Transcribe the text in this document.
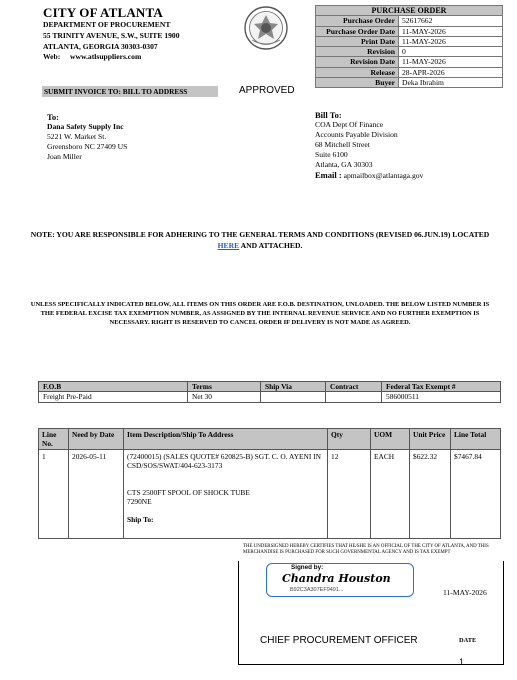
CITY OF ATLANTA
DEPARTMENT OF PROCUREMENT
55 TRINITY AVENUE, S.W., SUITE 1900
ATLANTA, GEORGIA 30303-0307
Web: www.atlsuppliers.com
PURCHASE ORDER	
Purchase Order	52617662
Purchase Order Date	11-MAY-2026
Print Date	11-MAY-2026
Revision	0
Revision Date	11-MAY-2026
Release	28-APR-2026
Buyer	Deka Ibrahim
SUBMIT INVOICE TO: BILL TO ADDRESS	APPROVED
To:
Dana Safety Supply Inc
5221 W. Market St.
Greensboro NC 27409 US
Joan Miller
Bill To:
COA Dept Of Finance
Accounts Payable Division
68 Mitchell Street
Suite 6100
Atlanta, GA 30303
Email : apmailbox@atlantaga.gov
NOTE: YOU ARE RESPONSIBLE FOR ADHERING TO THE GENERAL TERMS AND CONDITIONS (REVISED 06.JUN.19) LOCATED HERE AND ATTACHED.
UNLESS SPECIFICALLY INDICATED BELOW, ALL ITEMS ON THIS ORDER ARE F.O.B. DESTINATION, UNLOADED. THE BELOW LISTED NUMBER IS THE FEDERAL EXCISE TAX EXEMPTION NUMBER, AS ASSIGNED BY THE INTERNAL REVENUE SERVICE AND NO FURTHER EXEMPTION IS NECESSARY. RIGHT IS RESERVED TO CANCEL ORDER IF DELIVERY IS NOT MADE AS AGREED.
F.O.B	Terms	Ship Via	Contract	Federal Tax Exempt #
Freight Pre-Paid	Net 30			586000511
Line No.	Need by Date	Item Description/Ship To Address	Qty	UOM	Unit Price	Line Total
1	2026-05-11	(72400015) (SALES QUOTE# 620825-B) SGT. C. O. AYENI IN CSD/SOS/SWAT/404-623-3173
CTS 2500FT SPOOL OF SHOCK TUBE
7290NE
Ship To:	12	EACH	$622.32	$7467.84
THE UNDERSIGNED HEREBY CERTIFIES THAT HE/SHE IS AN OFFICIAL OF THE CITY OF ATLANTA, AND THIS MERCHANDISE IS PURCHASED FOR SUCH GOVERNMENTAL AGENCY AND IS TAX EXEMPT
Signed by:
Chandra Houston
B92C3A307EF9491...	11-MAY-2026
CHIEF PROCUREMENT OFFICER	DATE
1
